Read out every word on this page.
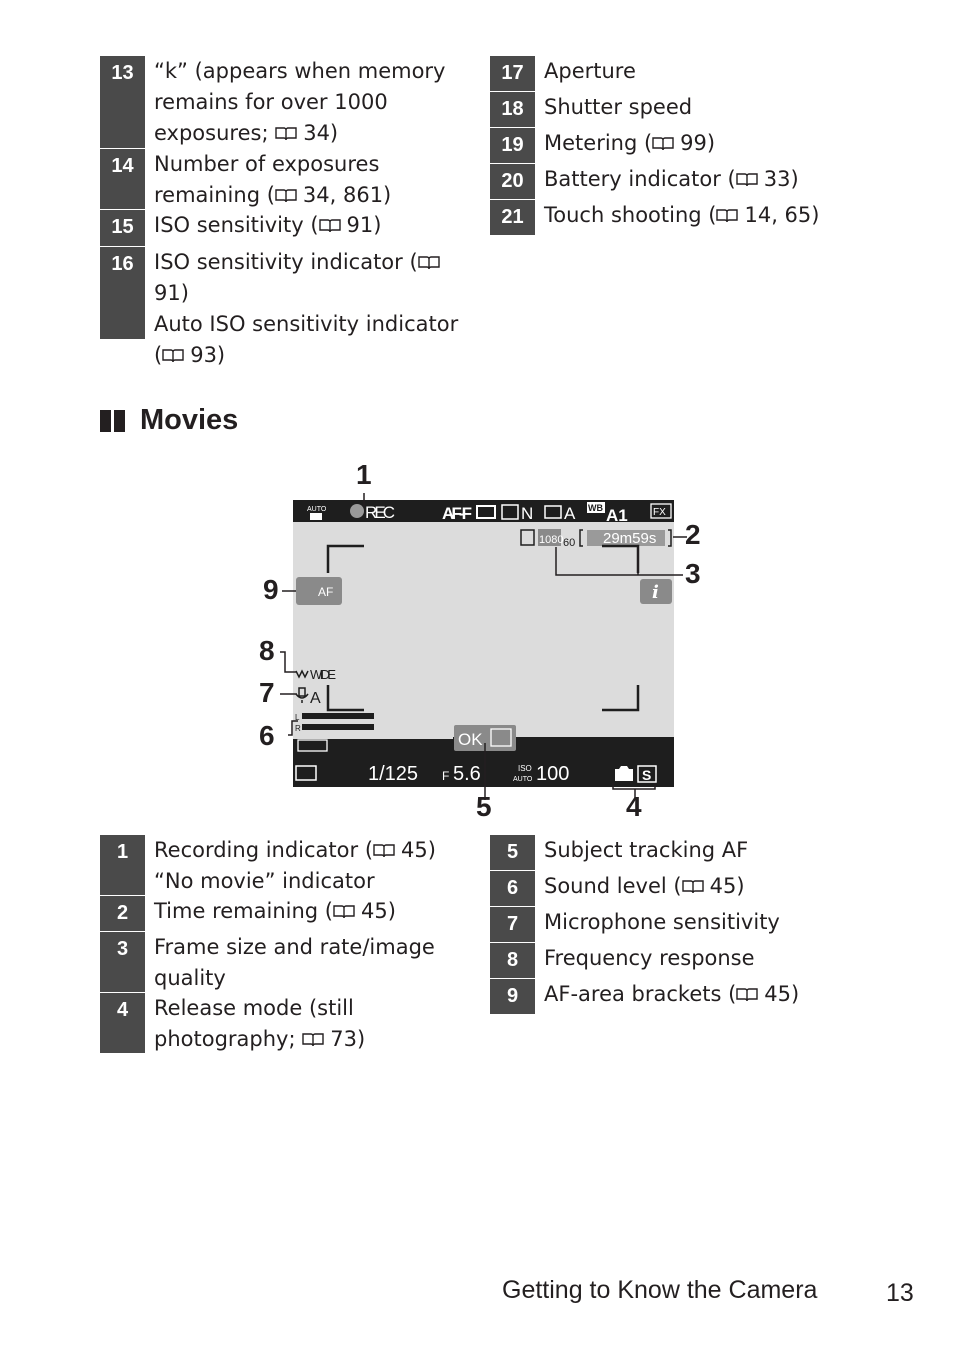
13 “k” (appears when memory
remains for over 1000
exposures; 34)
14 Number of exposures
remaining ( 34, 861)
15 ISO sensitivity ( 91)
16 ISO sensitivity indicator (91)
Auto ISO sensitivity indicator
( 93)
17 Aperture
18 Shutter speed
19 Metering ( 99)
20 Battery indicator ( 33)
21 Touch shooting ( 14, 65)
Movies
AUTO REC	AF-F	N A WB A1	FX
1080 60 29m59s
AF	i
WIDE
A
L
R
OK
1/125 F 5.6	ISO
AUTO 100	S
1
2
3
4
5
6
7
8
9
1	Recording indicator ( 45)
“No movie” indicator
2	Time remaining ( 45)
3	Frame size and rate/image
quality
4	Release mode (still
photography; 73)
5	Subject tracking AF
6	Sound level ( 45)
7	Microphone sensitivity
8	Frequency response
9	AF-area brackets ( 45)
Getting to Know the Camera	13
